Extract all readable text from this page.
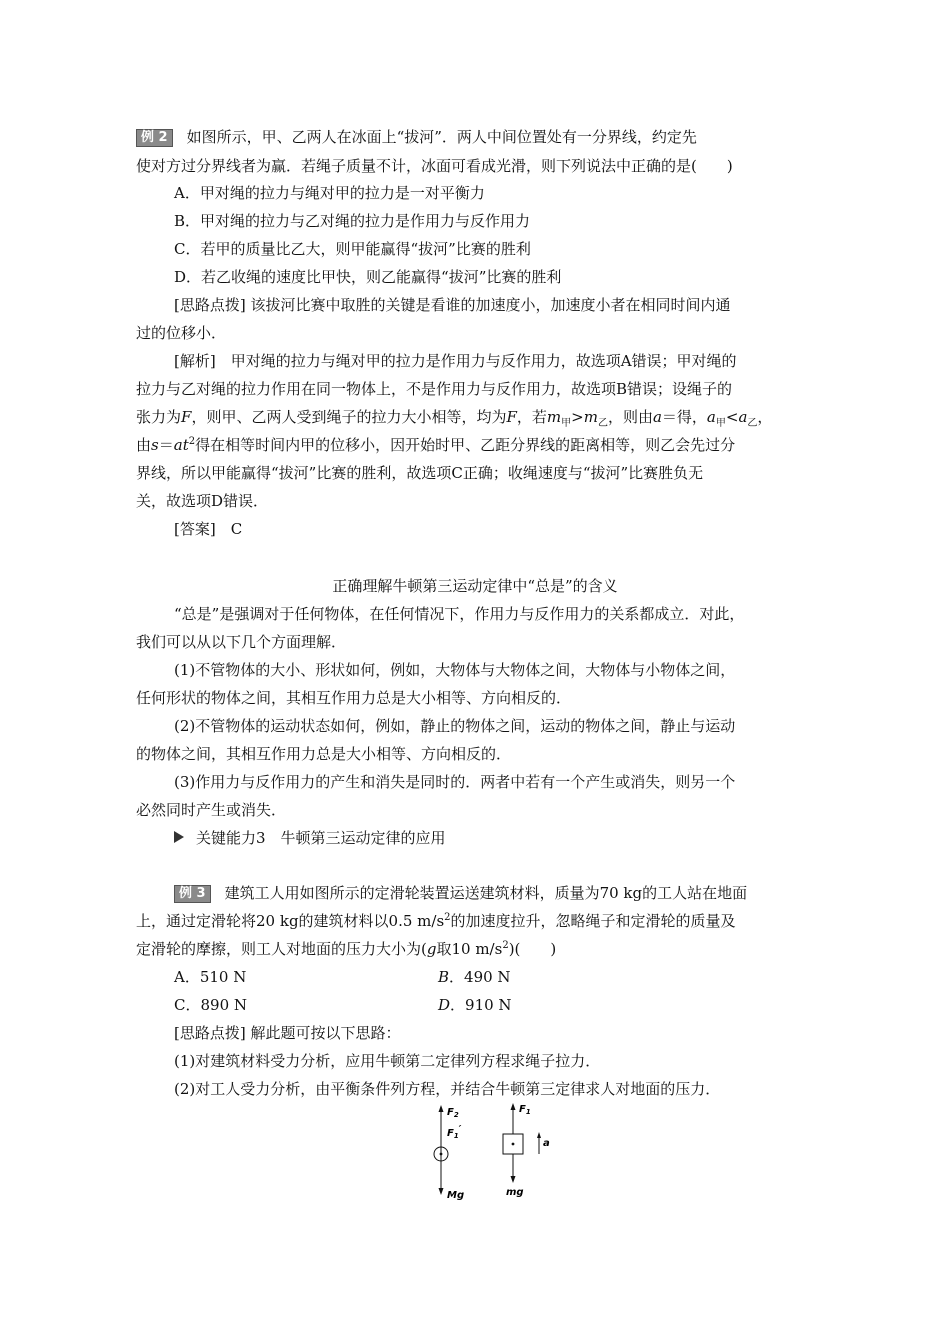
例 2 如图所示，甲、乙两人在冰面上“拔河”．两人中间位置处有一分界线，约定先
使对方过分界线者为赢．若绳子质量不计，冰面可看成光滑，则下列说法中正确的是(　　)
A．甲对绳的拉力与绳对甲的拉力是一对平衡力
B．甲对绳的拉力与乙对绳的拉力是作用力与反作用力
C．若甲的质量比乙大，则甲能赢得“拔河”比赛的胜利
D．若乙收绳的速度比甲快，则乙能赢得“拔河”比赛的胜利
[思路点拨] 该拔河比赛中取胜的关键是看谁的加速度小，加速度小者在相同时间内通
过的位移小．
[解析]　甲对绳的拉力与绳对甲的拉力是作用力与反作用力，故选项A错误；甲对绳的
拉力与乙对绳的拉力作用在同一物体上，不是作用力与反作用力，故选项B错误；设绳子的
张力为F，则甲、乙两人受到绳子的拉力大小相等，均为F，若$m_甲>m_乙$，则由a＝得，$a_甲<a_乙$，
由$s=at^2$得在相等时间内甲的位移小，因开始时甲、乙距分界线的距离相等，则乙会先过分
界线，所以甲能赢得“拔河”比赛的胜利，故选项C正确；收绳速度与“拔河”比赛胜负无
关，故选项D错误．
[答案]　C
正确理解牛顿第三运动定律中“总是”的含义
“总是”是强调对于任何物体，在任何情况下，作用力与反作用力的关系都成立．对此，
我们可以从以下几个方面理解．
(1)不管物体的大小、形状如何，例如，大物体与大物体之间，大物体与小物体之间，
任何形状的物体之间，其相互作用力总是大小相等、方向相反的．
(2)不管物体的运动状态如何，例如，静止的物体之间，运动的物体之间，静止与运动
的物体之间，其相互作用力总是大小相等、方向相反的．
(3)作用力与反作用力的产生和消失是同时的．两者中若有一个产生或消失，则另一个
必然同时产生或消失．
关键能力3　牛顿第三运动定律的应用
例 3 建筑工人用如图所示的定滑轮装置运送建筑材料，质量为70 kg的工人站在地面
上，通过定滑轮将20 kg的建筑材料以0.5 $m/s^2$的加速度拉升，忽略绳子和定滑轮的质量及
定滑轮的摩擦，则工人对地面的压力大小为(g取10 $m/s^2$)(　　)
A．510 N	B．490 N
C．890 N	D．910 N
[思路点拨] 解此题可按以下思路：
(1)对建筑材料受力分析，应用牛顿第二定律列方程求绳子拉力．
(2)对工人受力分析，由平衡条件列方程，并结合牛顿第三定律求人对地面的压力．
$F_2$
$F_1'$
Mg
$F_1$
a
mg
